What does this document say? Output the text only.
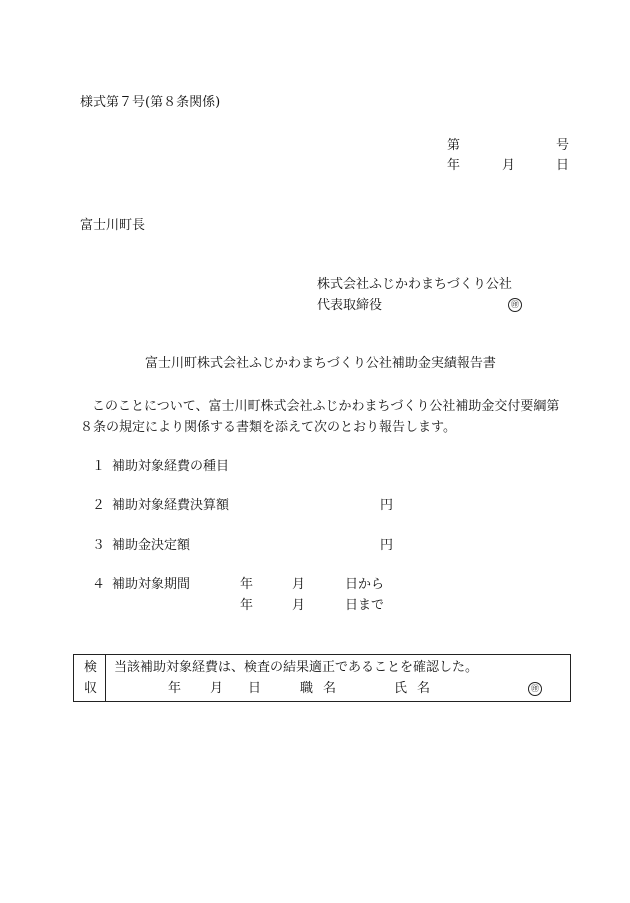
様式第７号(第８条関係)
第	号
年	月	日
富士川町長
株式会社ふじかわまちづくり公社
代表取締役	㊞
富士川町株式会社ふじかわまちづくり公社補助金実績報告書
このことについて、富士川町株式会社ふじかわまちづくり公社補助金交付要綱第
８条の規定により関係する書類を添えて次のとおり報告します。
１ 補助対象経費の種目
２ 補助対象経費決算額	円
３ 補助金決定額	円
４ 補助対象期間	年	月	日から
年	月	日まで
検
収
当該補助対象経費は、検査の結果適正であることを確認した。
年 月 日	職名	氏名	㊞
